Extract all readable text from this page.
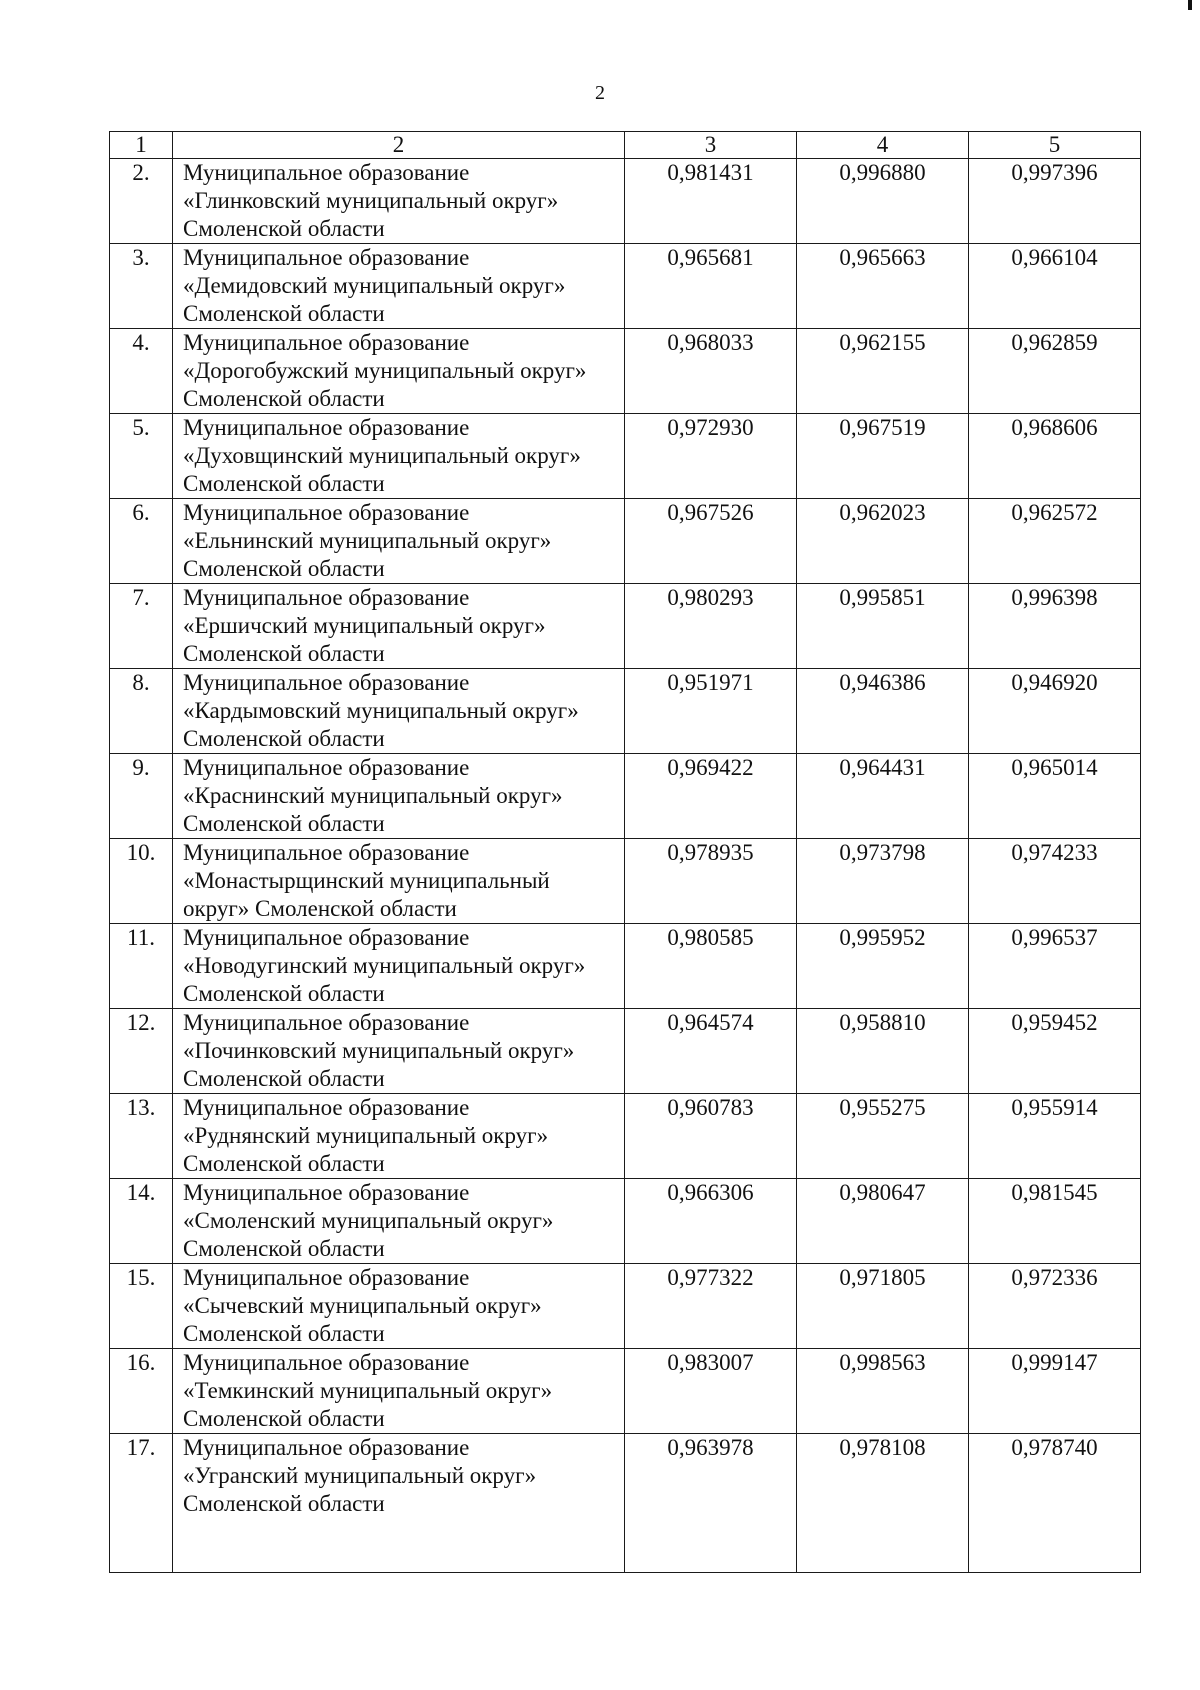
2
1	2	3	4	5
2.	Муниципальное образование
«Глинковский муниципальный округ»
Смоленской области	0,981431	0,996880	0,997396
3.	Муниципальное образование
«Демидовский муниципальный округ»
Смоленской области	0,965681	0,965663	0,966104
4.	Муниципальное образование
«Дорогобужский муниципальный округ»
Смоленской области	0,968033	0,962155	0,962859
5.	Муниципальное образование
«Духовщинский муниципальный округ»
Смоленской области	0,972930	0,967519	0,968606
6.	Муниципальное образование
«Ельнинский муниципальный округ»
Смоленской области	0,967526	0,962023	0,962572
7.	Муниципальное образование
«Ершичский муниципальный округ»
Смоленской области	0,980293	0,995851	0,996398
8.	Муниципальное образование
«Кардымовский муниципальный округ»
Смоленской области	0,951971	0,946386	0,946920
9.	Муниципальное образование
«Краснинский муниципальный округ»
Смоленской области	0,969422	0,964431	0,965014
10.	Муниципальное образование
«Монастырщинский муниципальный
округ» Смоленской области	0,978935	0,973798	0,974233
11.	Муниципальное образование
«Новодугинский муниципальный округ»
Смоленской области	0,980585	0,995952	0,996537
12.	Муниципальное образование
«Починковский муниципальный округ»
Смоленской области	0,964574	0,958810	0,959452
13.	Муниципальное образование
«Руднянский муниципальный округ»
Смоленской области	0,960783	0,955275	0,955914
14.	Муниципальное образование
«Смоленский муниципальный округ»
Смоленской области	0,966306	0,980647	0,981545
15.	Муниципальное образование
«Сычевский муниципальный округ»
Смоленской области	0,977322	0,971805	0,972336
16.	Муниципальное образование
«Темкинский муниципальный округ»
Смоленской области	0,983007	0,998563	0,999147
17.	Муниципальное образование
«Угранский муниципальный округ»
Смоленской области	0,963978	0,978108	0,978740
